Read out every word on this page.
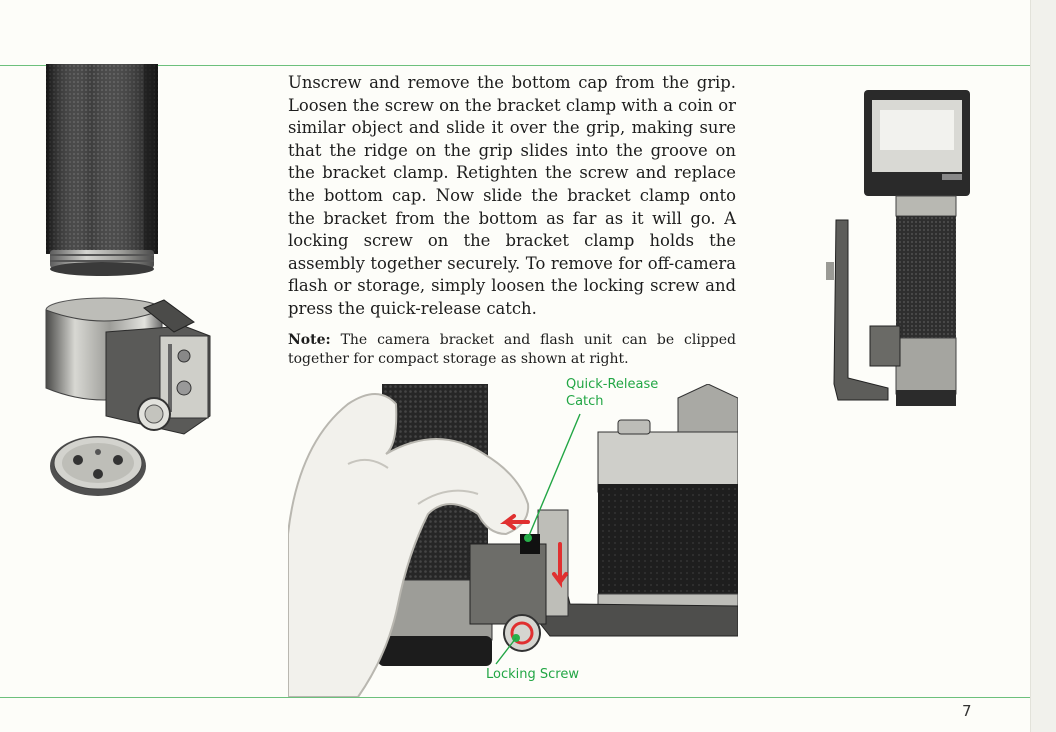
Unscrew and remove the bottom cap from the grip. Loosen the screw on the bracket clamp with a coin or similar object and slide it over the grip, making sure that the ridge on the grip slides into the groove on the bracket clamp. Retighten the screw and replace the bottom cap. Now slide the bracket clamp onto the bracket from the bottom as far as it will go. A locking screw on the bracket clamp holds the assembly together securely. To remove for off-camera flash or storage, simply loosen the locking screw and press the quick-release catch.

Note: The camera bracket and flash unit can be clipped together for compact storage as shown at right.

Quick-Release Catch
Locking Screw
7
